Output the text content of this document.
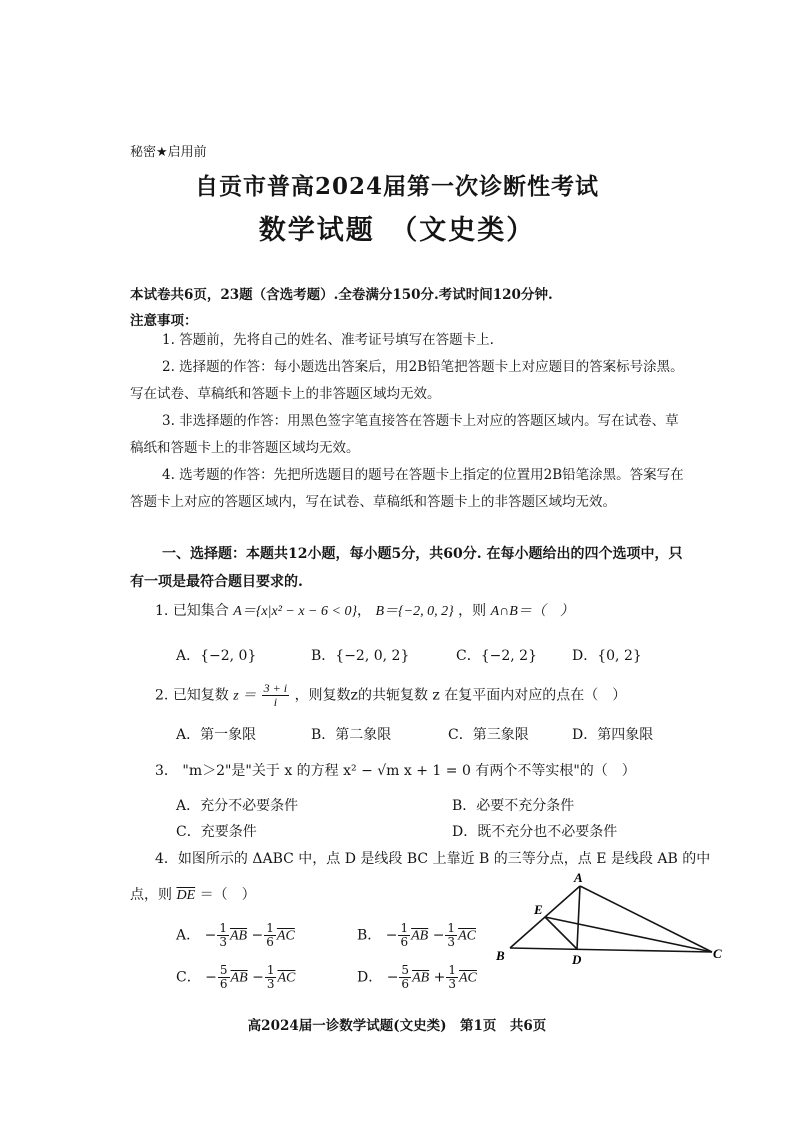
秘密★启用前
自贡市普高2024届第一次诊断性考试
数学试题　（文史类）
本试卷共6页，23题（含选考题）.全卷满分150分.考试时间120分钟.
注意事项：
1. 答题前，先将自己的姓名、准考证号填写在答题卡上.
2. 选择题的作答：每小题选出答案后，用2B铅笔把答题卡上对应题目的答案标号涂黑。写在试卷、草稿纸和答题卡上的非答题区域均无效。
3. 非选择题的作答：用黑色签字笔直接答在答题卡上对应的答题区域内。写在试卷、草稿纸和答题卡上的非答题区域均无效。
4. 选考题的作答：先把所选题目的题号在答题卡上指定的位置用2B铅笔涂黑。答案写在答题卡上对应的答题区域内，写在试卷、草稿纸和答题卡上的非答题区域均无效。
一、选择题：本题共12小题，每小题5分，共60分. 在每小题给出的四个选项中，只有一项是最符合题目要求的.
1. 已知集合 A＝{x|x² − x − 6 < 0}， B＝{−2, 0, 2} ，则 A∩B＝（　）
A．{−2, 0}	B．{−2, 0, 2}	C．{−2, 2}	D．{0, 2}
2. 已知复数 $z = \frac{3 + i}{i}$ ，则复数z的共轭复数 z 在复平面内对应的点在（　）
A．第一象限	B．第二象限	C．第三象限	D．第四象限
3． "m＞2"是"关于 x 的方程 x² − √m x + 1 = 0 有两个不等实根"的（　）
A．充分不必要条件	B．必要不充分条件
C．充要条件	D．既不充分也不必要条件
4．如图所示的 ΔABC 中，点 D 是线段 BC 上靠近 B 的三等分点，点 E 是线段 AB 的中
点，则 $\overline{DE}$ ＝（　）
A． − $\frac{1}{3} \overline{AB} - \frac{1}{6} \overline{AC}$	B． − $\frac{1}{6} \overline{AB} - \frac{1}{3} \overline{AC}$
C． − $\frac{5}{6} \overline{AB} - \frac{1}{3} \overline{AC}$	D． − $\frac{5}{6} \overline{AB} + \frac{1}{3} \overline{AC}$
A
B	C
D
E
高2024届一诊数学试题(文史类)　第1页　共6页
